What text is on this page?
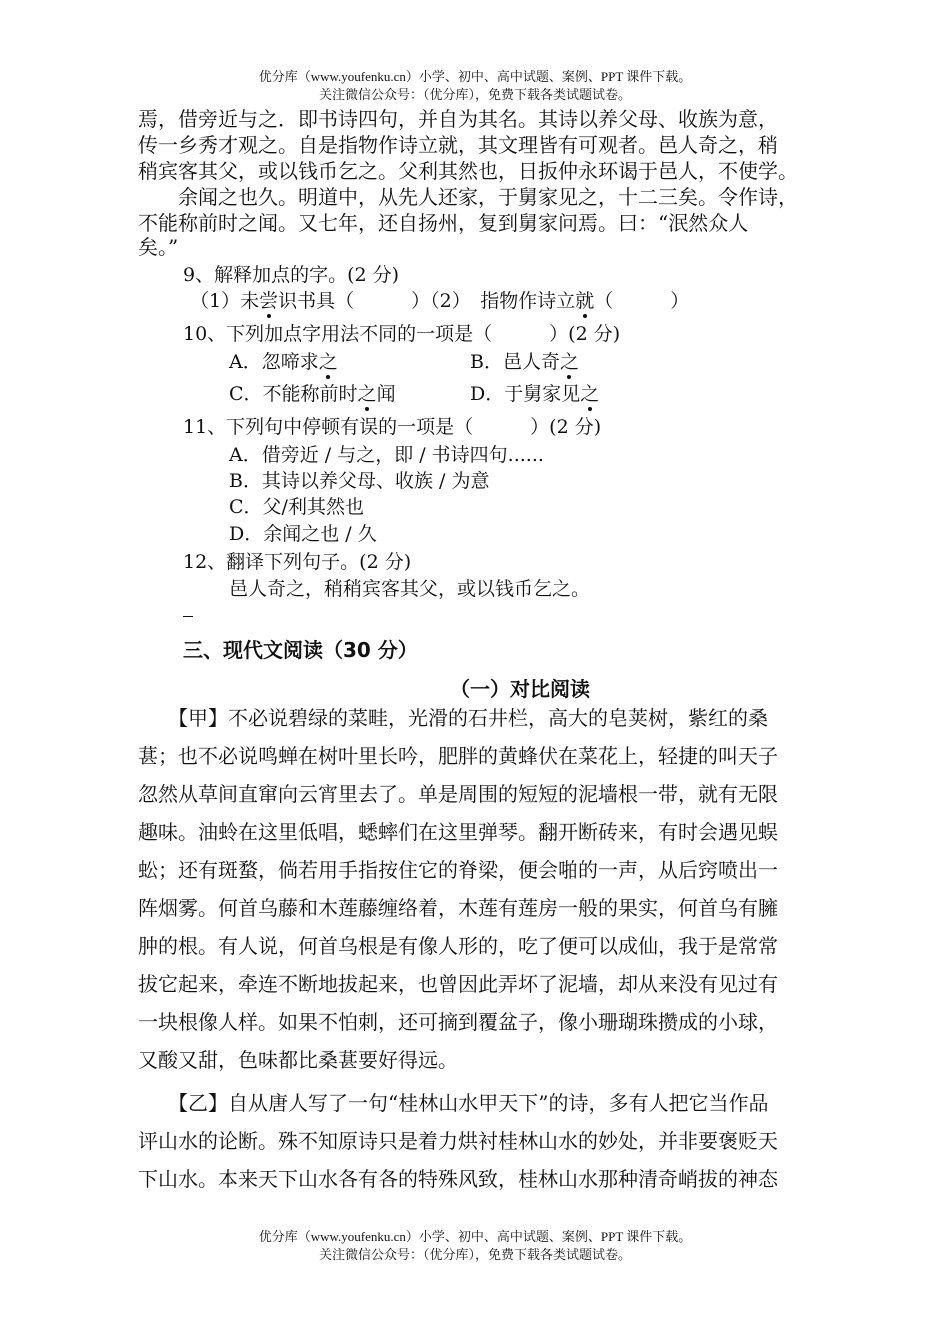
优分库（www.youfenku.cn）小学、初中、高中试题、案例、PPT 课件下载。
关注微信公众号：（优分库），免费下载各类试题试卷。
焉，借旁近与之．即书诗四句，并自为其名。其诗以养父母、收族为意，
传一乡秀才观之。自是指物作诗立就，其文理皆有可观者。邑人奇之，稍
稍宾客其父，或以钱币乞之。父利其然也，日扳仲永环谒于邑人，不使学。
　　余闻之也久。明道中，从先人还家，于舅家见之，十二三矣。令作诗，
不能称前时之闻。又七年，还自扬州，复到舅家问焉。曰：“泯然众人
矣。”
9、解释加点的字。(2 分)
（1）未尝识书具（　　　）（2）　指物作诗立就（　　　）
10、下列加点字用法不同的一项是（　　　）(2 分)
A．忽啼求之	B．邑人奇之
C．不能称前时之闻	D．于舅家见之
11、下列句中停顿有误的一项是（　　　）(2 分)
A．借旁近 / 与之，即 / 书诗四句......
B．其诗以养父母、收族 / 为意
C．父/利其然也
D．余闻之也 / 久
12、翻译下列句子。(2 分)
邑人奇之，稍稍宾客其父，或以钱币乞之。
三、现代文阅读（30 分）
（一）对比阅读
　　【甲】不必说碧绿的菜畦，光滑的石井栏，高大的皂荚树，紫红的桑
葚；也不必说鸣蝉在树叶里长吟，肥胖的黄蜂伏在菜花上，轻捷的叫天子
忽然从草间直窜向云宵里去了。单是周围的短短的泥墙根一带，就有无限
趣味。油蛉在这里低唱，蟋蟀们在这里弹琴。翻开断砖来，有时会遇见蜈
蚣；还有斑蝥，倘若用手指按住它的脊梁，便会啪的一声，从后窍喷出一
阵烟雾。何首乌藤和木莲藤缠络着，木莲有莲房一般的果实，何首乌有臃
肿的根。有人说，何首乌根是有像人形的，吃了便可以成仙，我于是常常
拔它起来，牵连不断地拔起来，也曾因此弄坏了泥墙，却从来没有见过有
一块根像人样。如果不怕刺，还可摘到覆盆子，像小珊瑚珠攒成的小球，
又酸又甜，色味都比桑葚要好得远。
　　【乙】自从唐人写了一句“桂林山水甲天下”的诗，多有人把它当作品
评山水的论断。殊不知原诗只是着力烘衬桂林山水的妙处，并非要褒贬天
下山水。本来天下山水各有各的特殊风致，桂林山水那种清奇峭拔的神态
优分库（www.youfenku.cn）小学、初中、高中试题、案例、PPT 课件下载。
关注微信公众号：（优分库），免费下载各类试题试卷。
